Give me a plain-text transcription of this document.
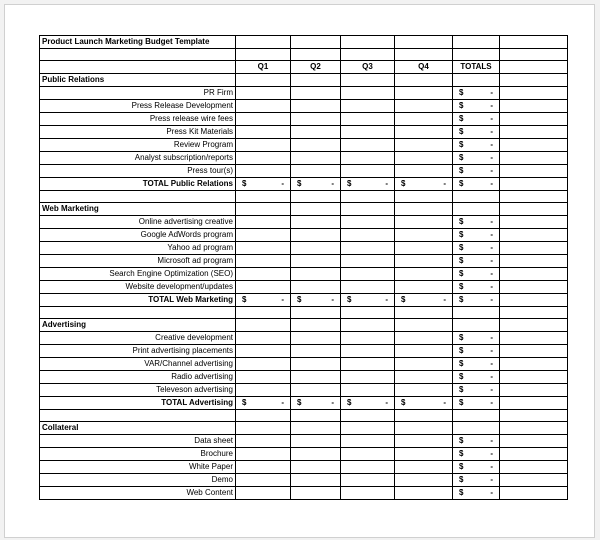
Product Launch Marketing Budget Template						

	Q1	Q2	Q3	Q4	TOTALS	
Public Relations						
PR Firm					$ -	

Press Release Development					$ -	

Press release wire fees					$ -	

Press Kit Materials					$ -	

Review Program					$ -	

Analyst subscription/reports					$ -	

Press tour(s)					$ -	

TOTAL Public Relations	$ -	$ -	$ -	$ -	$ -	

Web Marketing						
Online advertising creative					$ -	

Google AdWords program					$ -	

Yahoo ad program					$ -	

Microsoft ad program					$ -	

Search Engine Optimization (SEO)					$ -	

Website development/updates					$ -	

TOTAL Web Marketing	$ -	$ -	$ -	$ -	$ -	

Advertising						
Creative development					$ -	

Print advertising placements					$ -	

VAR/Channel advertising					$ -	

Radio advertising					$ -	

Televeson advertising					$ -	

TOTAL Advertising	$ -	$ -	$ -	$ -	$ -	

Collateral						
Data sheet					$ -	

Brochure					$ -	

White Paper					$ -	

Demo					$ -	

Web Content					$ -	
